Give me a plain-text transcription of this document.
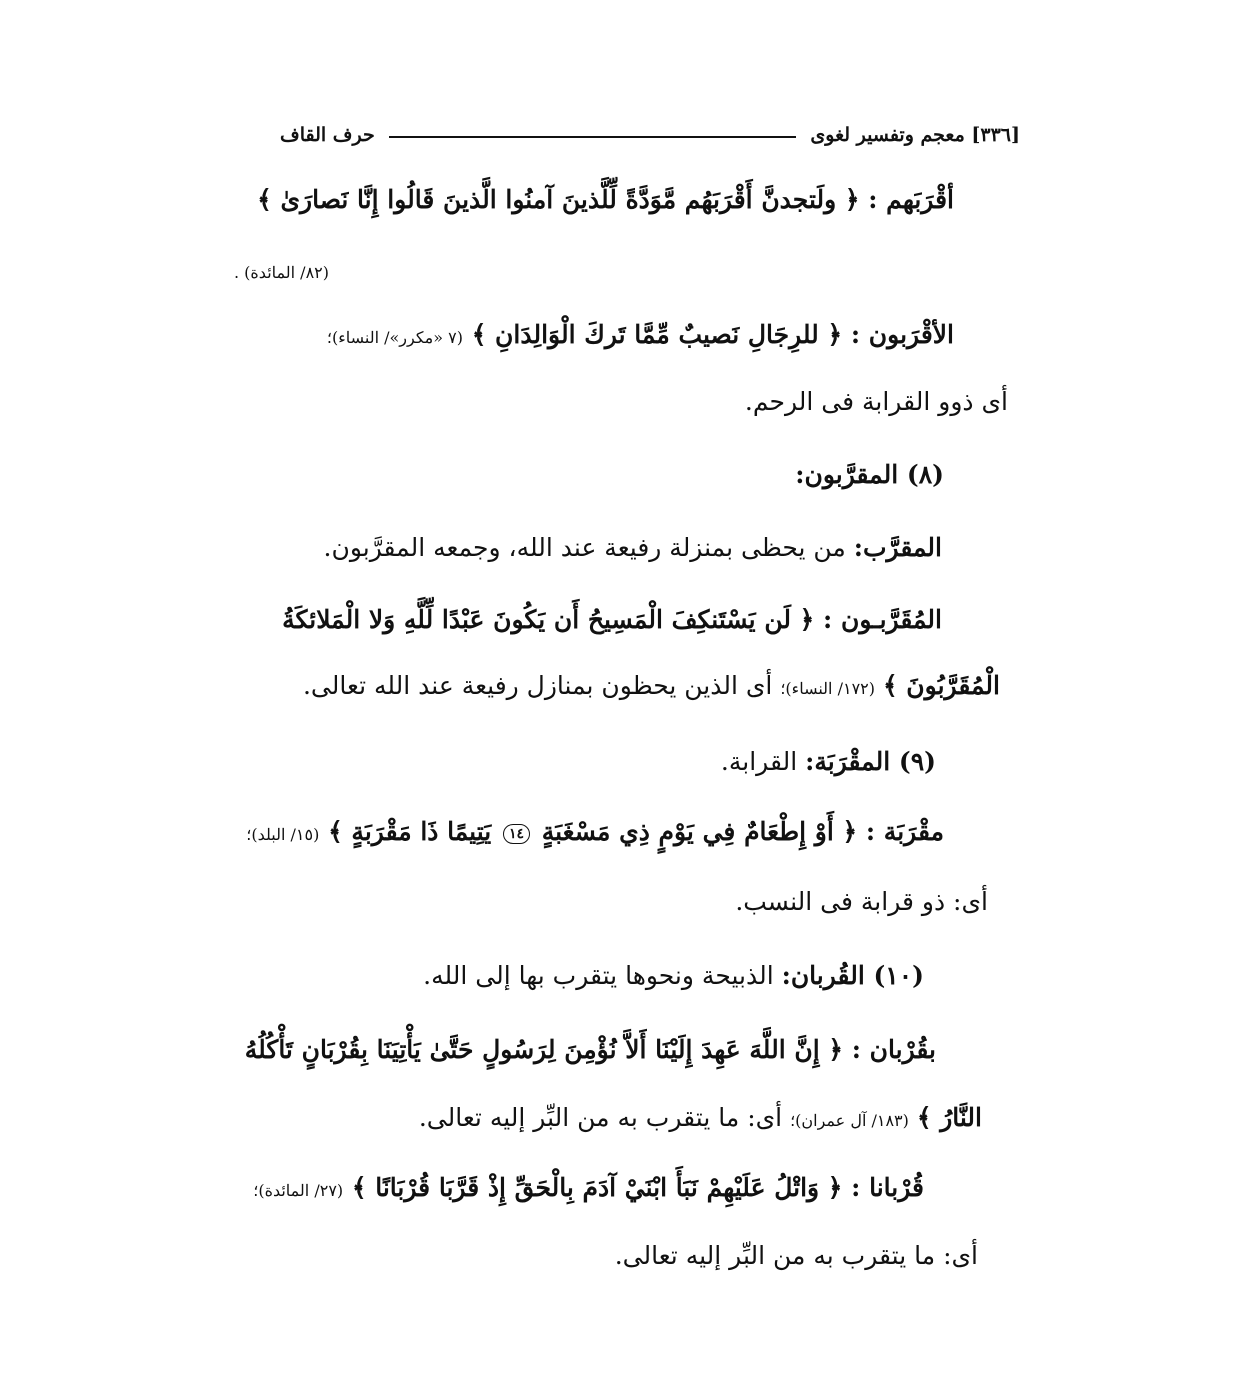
[٣٣٦] معجم وتفسير لغوى
حرف القاف
أقْرَبَهم : ﴿ ولَتجدنَّ أَقْرَبَهُم مَّوَدَّةً لِّلَّذينَ آمنُوا الَّذينَ قَالُوا إِنَّا نَصارَىٰ ﴾
(٨٢/ المائدة) .
الأقْرَبون : ﴿ للرِجَالِ نَصيبٌ مِّمَّا تَركَ الْوَالِدَانِ ﴾ (٧ «مكرر»/ النساء)؛
أى ذوو القرابة فى الرحم.
(٨) المقرَّبون:
المقرَّب: من يحظى بمنزلة رفيعة عند الله، وجمعه المقرَّبون.
المُقَرَّبـون : ﴿ لَن يَسْتَنكِفَ الْمَسِيحُ أَن يَكُونَ عَبْدًا لِّلَّهِ وَلا الْمَلائكَةُ
الْمُقَرَّبُونَ ﴾ (١٧٢/ النساء)؛ أى الذين يحظون بمنازل رفيعة عند الله تعالى.
(٩) المقْرَبَة: القرابة.
مقْرَبَة : ﴿ أَوْ إِطْعَامٌ فِي يَوْمٍ ذِي مَسْغَبَةٍ ١٤ يَتِيمًا ذَا مَقْرَبَةٍ ﴾ (١٥/ البلد)؛
أى: ذو قرابة فى النسب.
(١٠) القُربان: الذبيحة ونحوها يتقرب بها إلى الله.
بقُرْبان : ﴿ إِنَّ اللَّهَ عَهِدَ إِلَيْنَا أَلاَّ نُؤْمِنَ لِرَسُولٍ حَتَّىٰ يَأْتِيَنَا بِقُرْبَانٍ تَأْكُلُهُ
النَّارُ ﴾ (١٨٣/ آل عمران)؛ أى: ما يتقرب به من البِّر إليه تعالى.
قُرْبانا : ﴿ وَاتْلُ عَلَيْهِمْ نَبَأَ ابْنَيْ آدَمَ بِالْحَقِّ إِذْ قَرَّبَا قُرْبَانًا ﴾ (٢٧/ المائدة)؛
أى: ما يتقرب به من البِّر إليه تعالى.
